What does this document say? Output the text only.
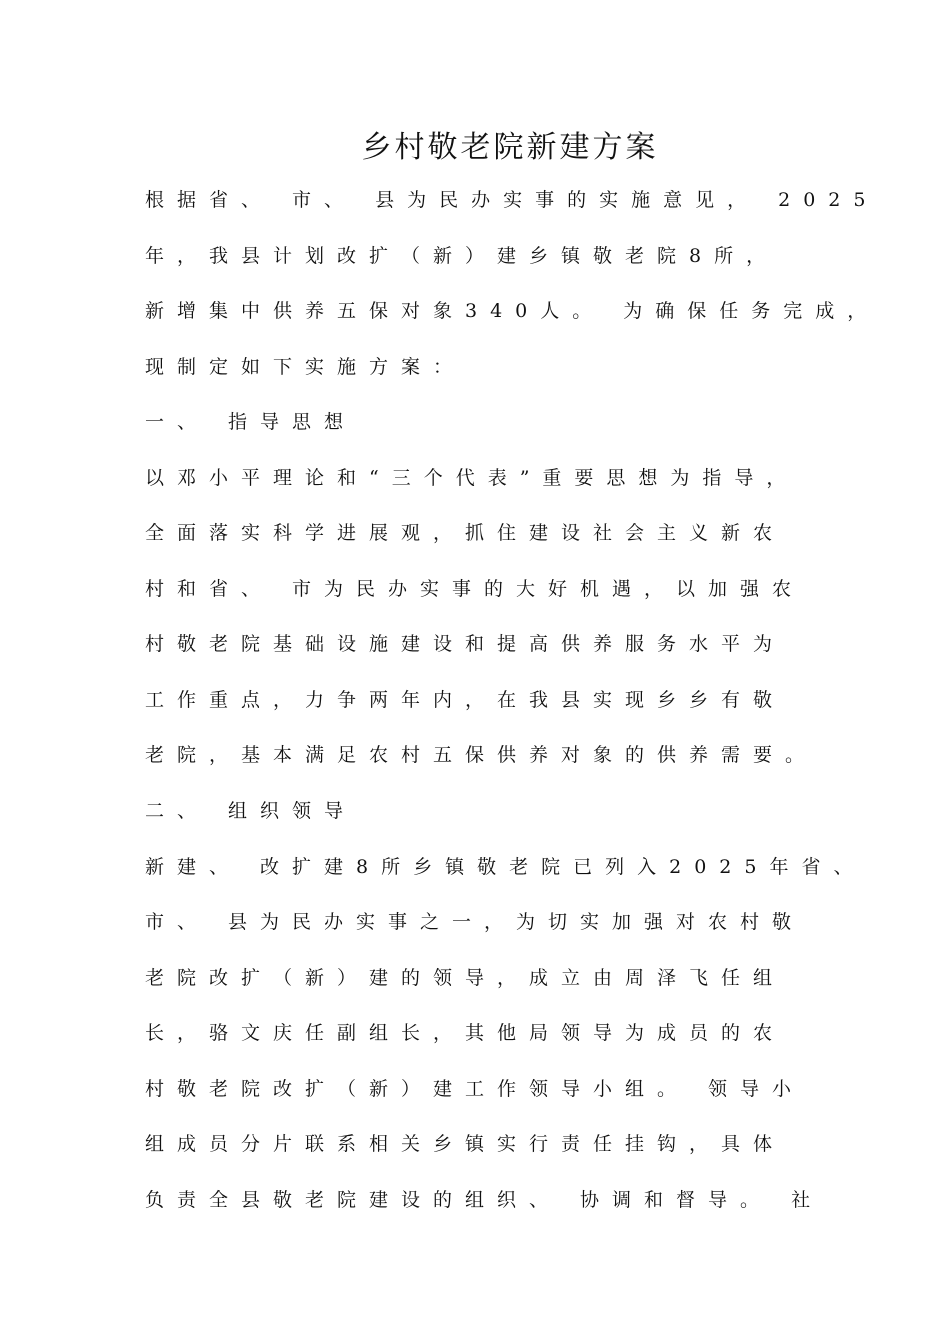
乡村敬老院新建方案
根据省、 市、 县为民办实事的实施意见， 2025
年，我县计划改扩（新）建乡镇敬老院8所，
新增集中供养五保对象340人。 为确保任务完成，
现制定如下实施方案：
一、 指导思想
以邓小平理论和“三个代表”重要思想为指导，
全面落实科学进展观，抓住建设社会主义新农
村和省、 市为民办实事的大好机遇，以加强农
村敬老院基础设施建设和提高供养服务水平为
工作重点，力争两年内，在我县实现乡乡有敬
老院，基本满足农村五保供养对象的供养需要。
二、 组织领导
新建、 改扩建8所乡镇敬老院已列入2025年省、
市、 县为民办实事之一，为切实加强对农村敬
老院改扩（新）建的领导，成立由周泽飞任组
长，骆文庆任副组长，其他局领导为成员的农
村敬老院改扩（新）建工作领导小组。 领导小
组成员分片联系相关乡镇实行责任挂钩，具体
负责全县敬老院建设的组织、 协调和督导。 社
